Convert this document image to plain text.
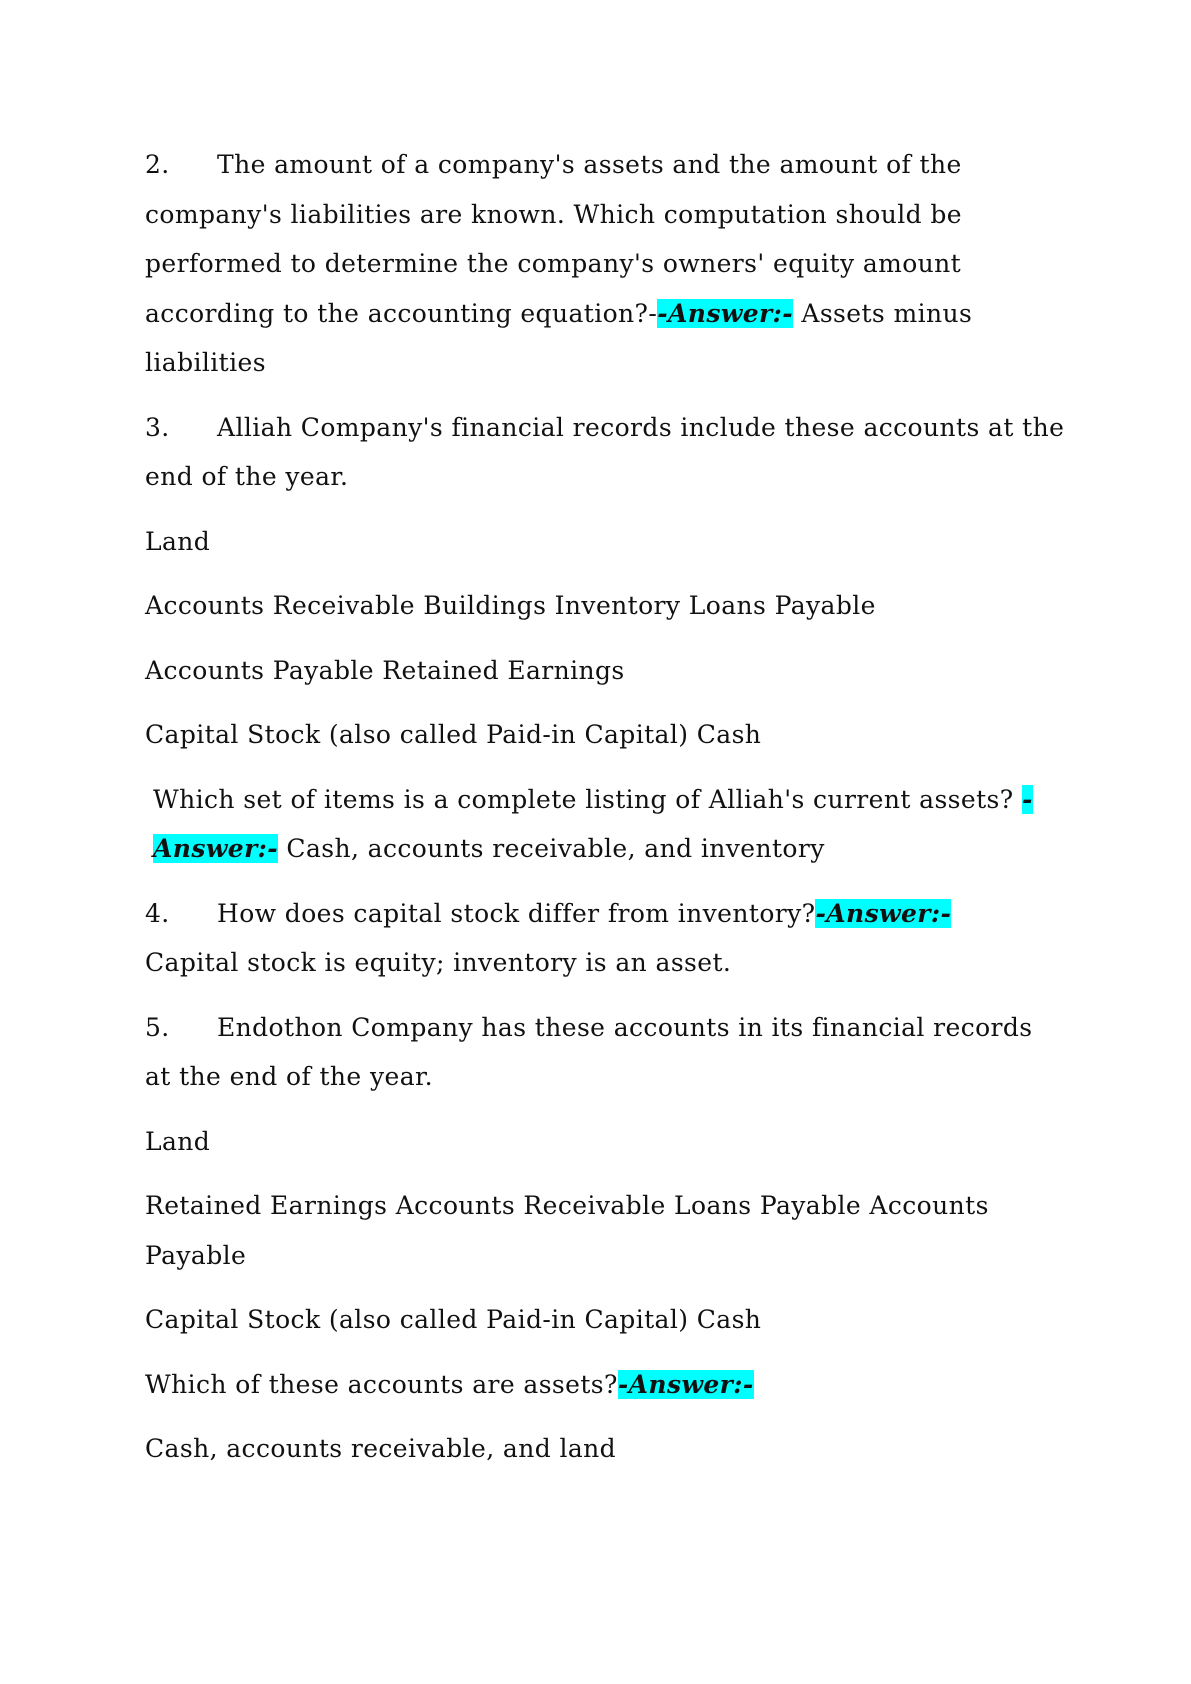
2. The amount of a company's assets and the amount of the company's liabilities are known. Which computation should be performed to determine the company's owners' equity amount according to the accounting equation?--Answer:- Assets minus liabilities

3. Alliah Company's financial records include these accounts at the end of the year.

Land

Accounts Receivable Buildings Inventory Loans Payable

Accounts Payable Retained Earnings

Capital Stock (also called Paid-in Capital) Cash

Which set of items is a complete listing of Alliah's current assets? -Answer:- Cash, accounts receivable, and inventory

4. How does capital stock differ from inventory?-Answer:-
Capital stock is equity; inventory is an asset.

5. Endothon Company has these accounts in its financial records at the end of the year.

Land

Retained Earnings Accounts Receivable Loans Payable Accounts Payable

Capital Stock (also called Paid-in Capital) Cash

Which of these accounts are assets?-Answer:-

Cash, accounts receivable, and land
